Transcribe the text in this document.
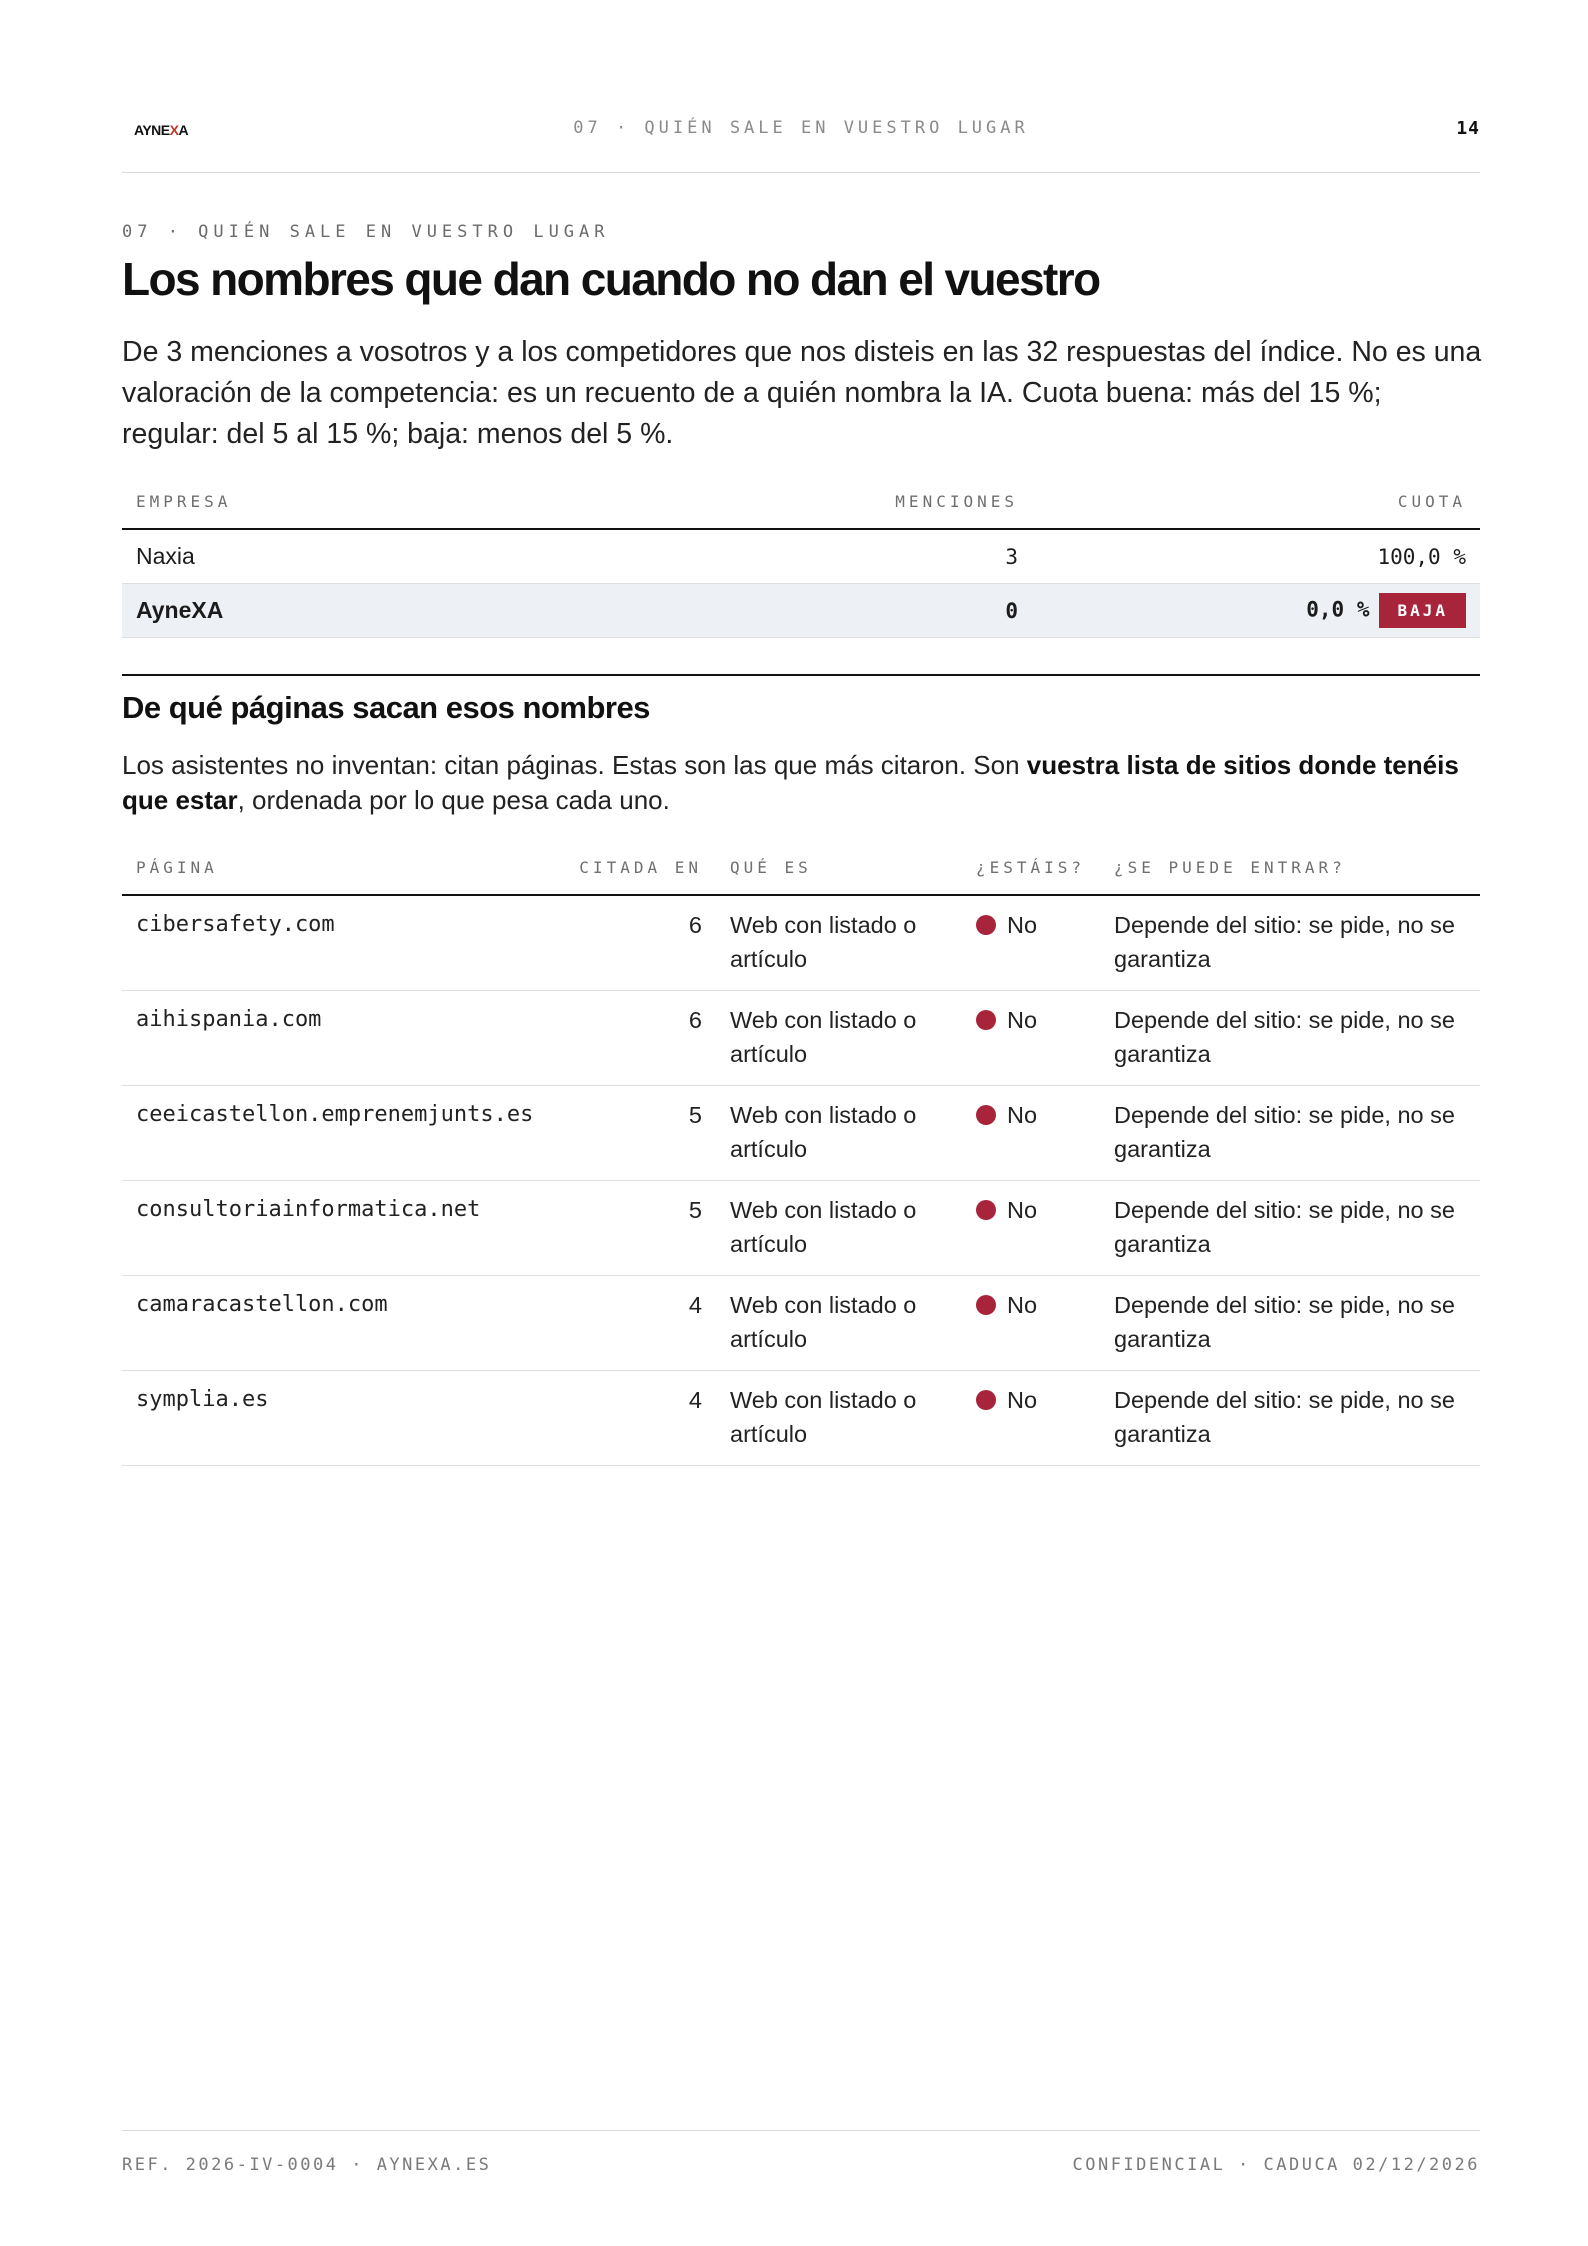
AYNEXA	07 · QUIÉN SALE EN VUESTRO LUGAR	14
07 · QUIÉN SALE EN VUESTRO LUGAR
Los nombres que dan cuando no dan el vuestro

De 3 menciones a vosotros y a los competidores que nos disteis en las 32 respuestas del índice. No es una valoración de la competencia: es un recuento de a quién nombra la IA. Cuota buena: más del 15 %; regular: del 5 al 15 %; baja: menos del 5 %.

EMPRESA	MENCIONES	CUOTA
Naxia	3	100,0 %
AyneXA	0	0,0 % BAJA
De qué páginas sacan esos nombres

Los asistentes no inventan: citan páginas. Estas son las que más citaron. Son vuestra lista de sitios donde tenéis que estar, ordenada por lo que pesa cada uno.

PÁGINA	CITADA EN	QUÉ ES	¿ESTÁIS?	¿SE PUEDE ENTRAR?
cibersafety.com	6	Web con listado o artículo	No	Depende del sitio: se pide, no se garantiza
aihispania.com	6	Web con listado o artículo	No	Depende del sitio: se pide, no se garantiza
ceeicastellon.emprenemjunts.es	5	Web con listado o artículo	No	Depende del sitio: se pide, no se garantiza
consultoriainformatica.net	5	Web con listado o artículo	No	Depende del sitio: se pide, no se garantiza
camaracastellon.com	4	Web con listado o artículo	No	Depende del sitio: se pide, no se garantiza
symplia.es	4	Web con listado o artículo	No	Depende del sitio: se pide, no se garantiza
REF. 2026-IV-0004 · AYNEXA.ES	CONFIDENCIAL · CADUCA 02/12/2026
